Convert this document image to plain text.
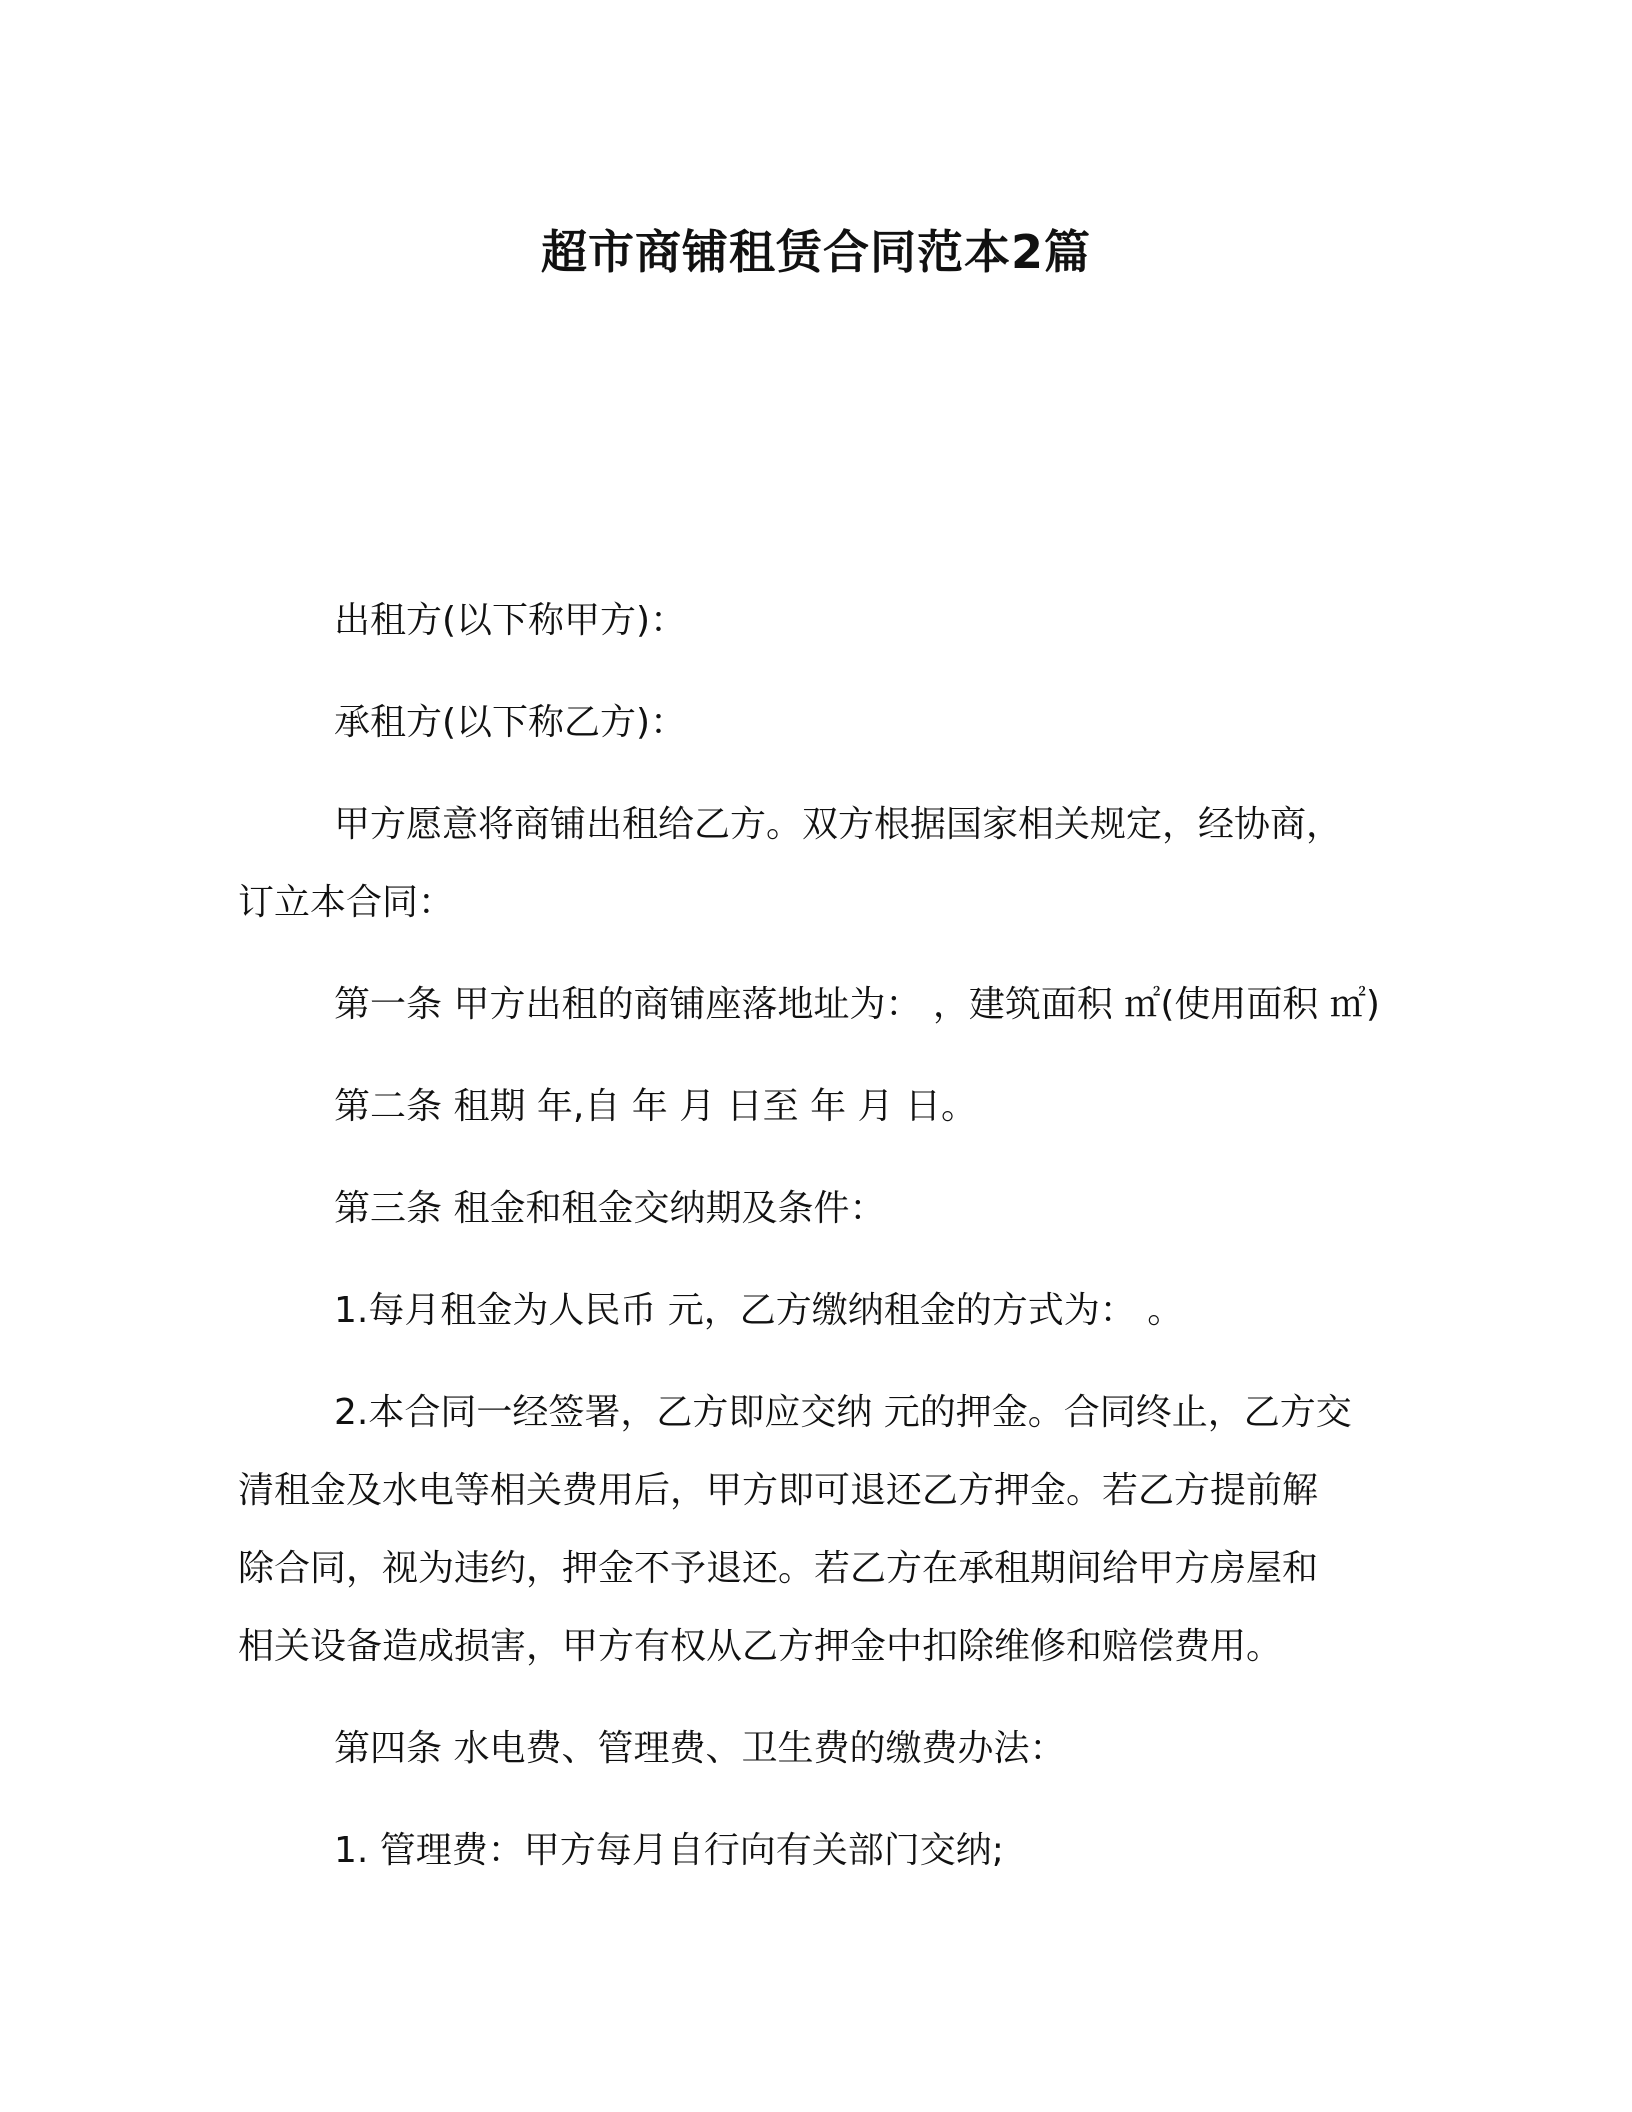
超市商铺租赁合同范本2篇
出租方(以下称甲方)：
承租方(以下称乙方)：
甲方愿意将商铺出租给乙方。双方根据国家相关规定，经协商，
订立本合同：
第一条 甲方出租的商铺座落地址为： ，建筑面积 ㎡(使用面积 ㎡)
第二条 租期 年,自 年 月 日至 年 月 日。
第三条 租金和租金交纳期及条件：
1.每月租金为人民币 元，乙方缴纳租金的方式为： 。
2.本合同一经签署，乙方即应交纳 元的押金。合同终止，乙方交
清租金及水电等相关费用后，甲方即可退还乙方押金。若乙方提前解
除合同，视为违约，押金不予退还。若乙方在承租期间给甲方房屋和
相关设备造成损害，甲方有权从乙方押金中扣除维修和赔偿费用。
第四条 水电费、管理费、卫生费的缴费办法：
1. 管理费：甲方每月自行向有关部门交纳;
